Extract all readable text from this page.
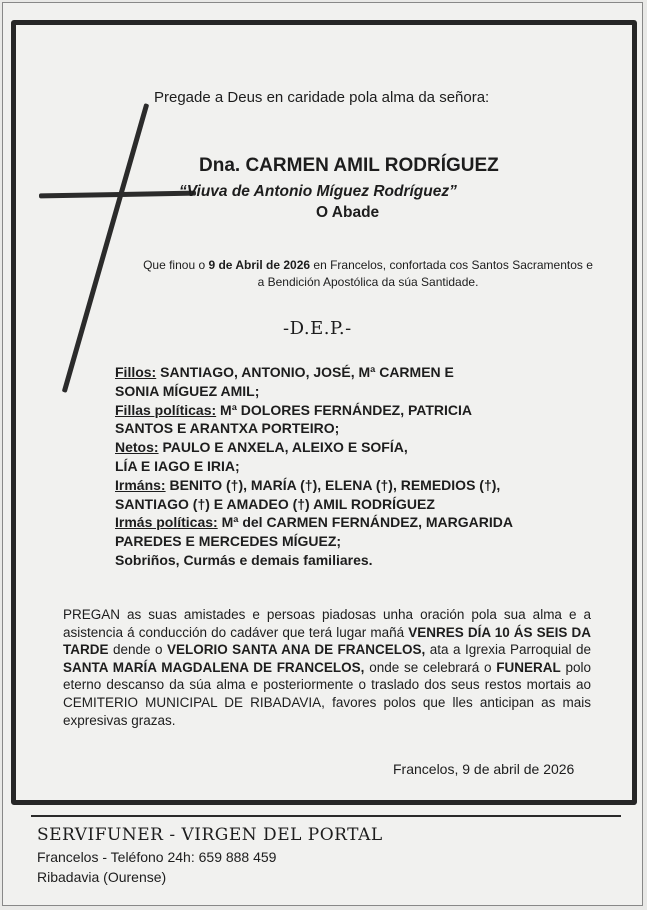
Pregade a Deus en caridade pola alma da señora:
Dna. CARMEN AMIL RODRÍGUEZ
“Viuva de Antonio Míguez Rodríguez”
O Abade
Que finou o 9 de Abril de 2026 en Francelos, confortada cos Santos Sacramentos e a Bendición Apostólica da súa Santidade.
-D.E.P.-
Fillos: SANTIAGO, ANTONIO, JOSÉ, Mª CARMEN E
SONIA MÍGUEZ AMIL;
Fillas políticas: Mª DOLORES FERNÁNDEZ, PATRICIA
SANTOS E ARANTXA PORTEIRO;
Netos: PAULO E ANXELA, ALEIXO E SOFÍA,
LÍA E IAGO E IRIA;
Irmáns: BENITO (†), MARÍA (†), ELENA (†), REMEDIOS (†),
SANTIAGO (†) E AMADEO (†) AMIL RODRÍGUEZ
Irmás políticas: Mª del CARMEN FERNÁNDEZ, MARGARIDA
PAREDES E MERCEDES MÍGUEZ;
Sobriños, Curmás e demais familiares.
PREGAN as suas amistades e persoas piadosas unha oración pola sua alma e a asistencia á conducción do cadáver que terá lugar mañá VENRES DÍA 10 ÁS SEIS DA TARDE dende o VELORIO SANTA ANA DE FRANCELOS, ata a Igrexia Parroquial de SANTA MARÍA MAGDALENA DE FRANCELOS, onde se celebrará o FUNERAL polo eterno descanso da súa alma e posteriormente o traslado dos seus restos mortais ao CEMITERIO MUNICIPAL DE RIBADAVIA, favores polos que lles anticipan as mais expresivas grazas.
Francelos, 9 de abril de 2026
SERVIFUNER - VIRGEN DEL PORTAL
Francelos - Teléfono 24h: 659 888 459
Ribadavia (Ourense)
